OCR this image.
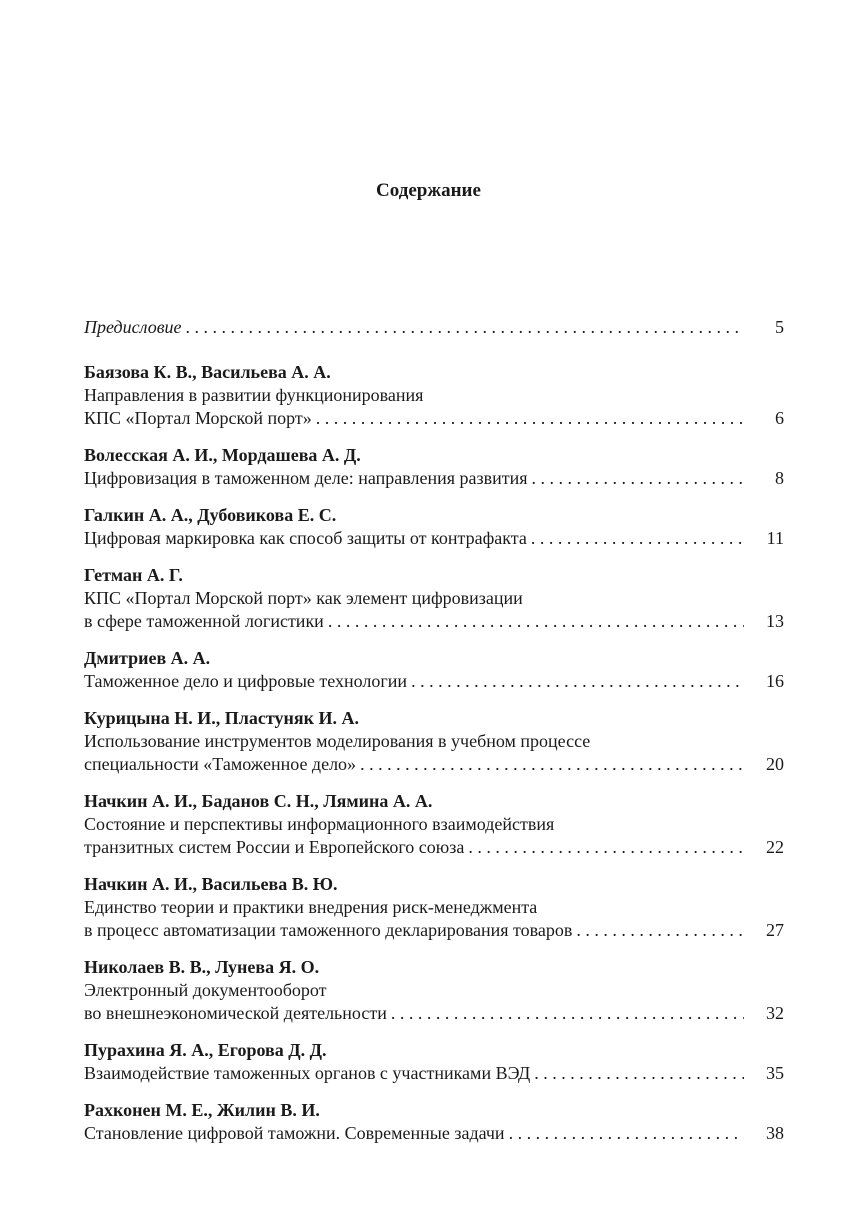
Содержание
Предисловие . . .	5
Баязова К. В., Васильева А. А.
Направления в развитии функционирования
КПС «Портал Морской порт» . . .	6
Волесская А. И., Мордашева А. Д.
Цифровизация в таможенном деле: направления развития . . .	8
Галкин А. А., Дубовикова Е. С.
Цифровая маркировка как способ защиты от контрафакта . . .	11
Гетман А. Г.
КПС «Портал Морской порт» как элемент цифровизации
в сфере таможенной логистики . . .	13
Дмитриев А. А.
Таможенное дело и цифровые технологии . . .	16
Курицына Н. И., Пластуняк И. А.
Использование инструментов моделирования в учебном процессе
специальности «Таможенное дело» . . .	20
Начкин А. И., Баданов С. Н., Лямина А. А.
Состояние и перспективы информационного взаимодействия
транзитных систем России и Европейского союза . . .	22
Начкин А. И., Васильева В. Ю.
Единство теории и практики внедрения риск-менеджмента
в процесс автоматизации таможенного декларирования товаров . . .	27
Николаев В. В., Лунева Я. О.
Электронный документооборот
во внешнеэкономической деятельности . . .	32
Пурахина Я. А., Егорова Д. Д.
Взаимодействие таможенных органов с участниками ВЭД . . .	35
Рахконен М. Е., Жилин В. И.
Становление цифровой таможни. Современные задачи . . .	38
